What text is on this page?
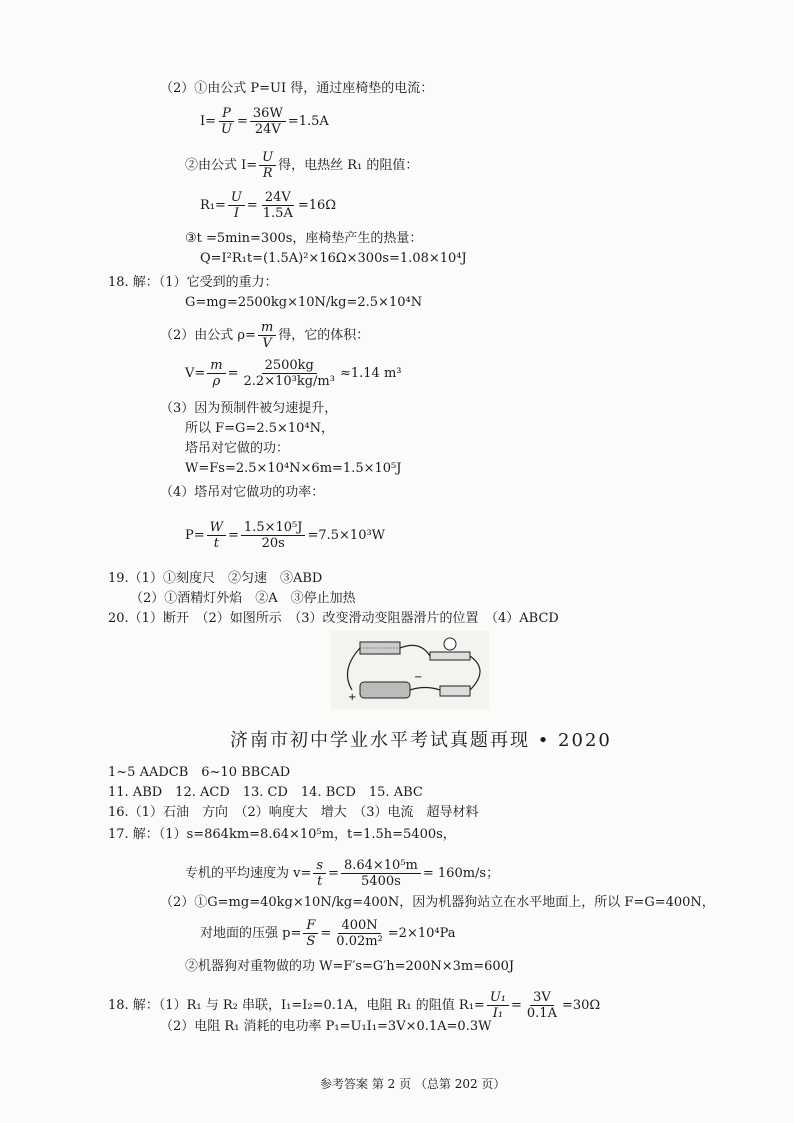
（2）①由公式 P=UI 得，通过座椅垫的电流：
$I= \frac{P}{U} = \frac{36W}{24V} =1.5A$
②由公式 $I= \frac{U}{R}$ 得，电热丝 R₁ 的阻值：
$R_1= \frac{U}{I} = \frac{24V}{1.5A} =16\Omega$
③t =5min=300s，座椅垫产生的热量：
Q=I²R₁t=(1.5A)²×16Ω×300s=1.08×10⁴J
18. 解：（1）它受到的重力：
G=mg=2500kg×10N/kg=2.5×10⁴N
（2）由公式 $\rho= \frac{m}{V}$ 得，它的体积：
$V= \frac{m}{\rho} = \frac{2500kg}{\text{2.2×10³kg/m³}} \approx 1.14$ m³
（3）因为预制件被匀速提升，
所以 F=G=2.5×10⁴N，
塔吊对它做的功：
W=Fs=2.5×10⁴N×6m=1.5×10⁵J
（4）塔吊对它做功的功率：
$P= \frac{W}{t} = \frac{\text{1.5×10⁵J}}{20s} =7.5\times 10^3W$
19.（1）①刻度尺　②匀速　③ABD
（2）①酒精灯外焰　②A　③停止加热
20.（1）断开　（2）如图所示　（3）改变滑动变阻器滑片的位置　（4）ABCD
+
−
济南市初中学业水平考试真题再现 • 2020
1~5 AADCB　6~10 BBCAD
11. ABD　12. ACD　13. CD　14. BCD　15. ABC
16.（1）石油　方向　（2）响度大　增大　（3）电流　超导材料
17. 解：（1）s=864km=8.64×10⁵m，t=1.5h=5400s，
专机的平均速度为 $v= \frac{s}{t} = \frac{\text{8.64×10⁵m}}{5400s} = 160m/s$；
（2）①G=mg=40kg×10N/kg=400N，因为机器狗站立在水平地面上，所以 F=G=400N，
对地面的压强 $p= \frac{F}{S} = \frac{400N}{\text{0.02m²}} =2\times 10^4Pa$
②机器狗对重物做的功 W=F′s=G′h=200N×3m=600J
18. 解：（1）R₁ 与 R₂ 串联，I₁=I₂=0.1A，电阻 R₁ 的阻值 $R_1= \frac{\text{U₁}}{\text{I₁}} = \frac{3V}{0.1A} =30\Omega$
（2）电阻 R₁ 消耗的电功率 P₁=U₁I₁=3V×0.1A=0.3W
参考答案 第 2 页 （总第 202 页）
